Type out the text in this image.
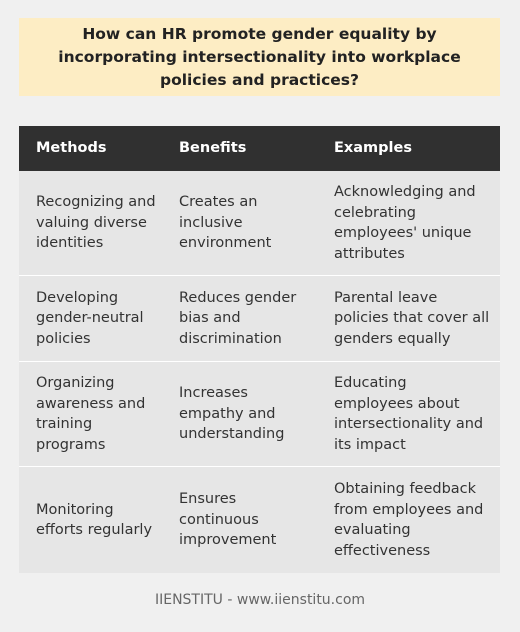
How can HR promote gender equality by incorporating intersectionality into workplace policies and practices?
Methods	Benefits	Examples
Recognizing and valuing diverse identities
Creates an inclusive environment
Acknowledging and celebrating employees' unique attributes
Developing gender-neutral policies
Reduces gender bias and discrimination
Parental leave policies that cover all genders equally
Organizing awareness and training programs
Increases empathy and understanding
Educating employees about intersectionality and its impact
Monitoring efforts regularly
Ensures continuous improvement
Obtaining feedback from employees and evaluating effectiveness
IIENSTITU - www.iienstitu.com
